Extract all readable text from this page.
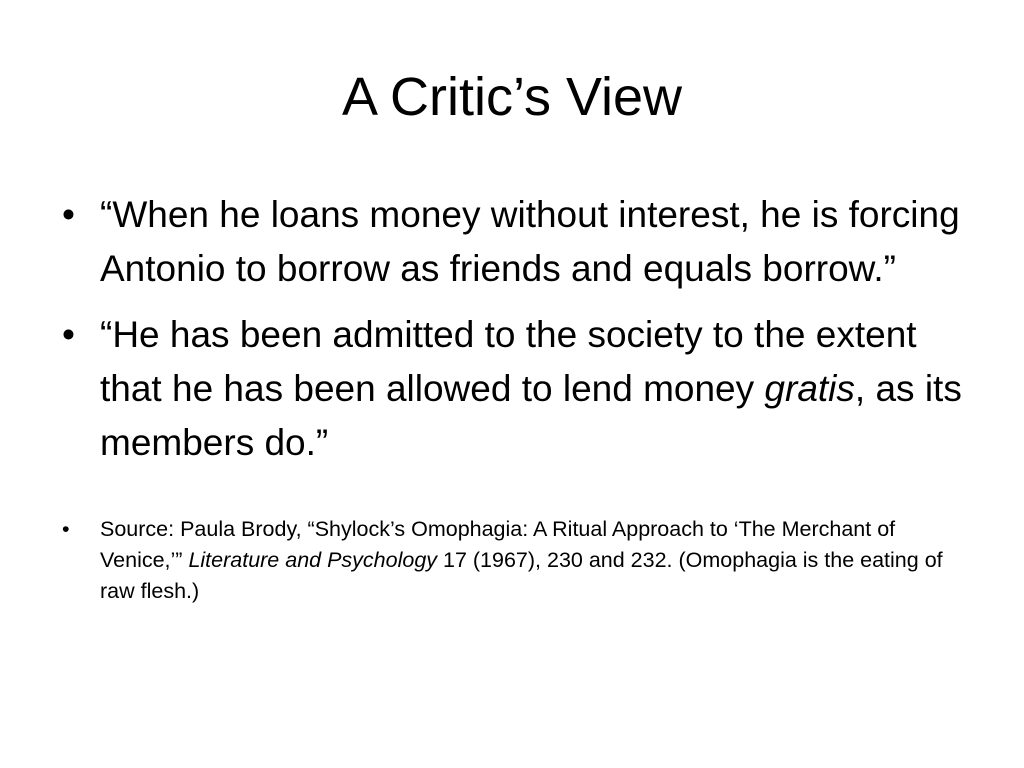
A Critic’s View
• “When he loans money without interest, he is forcing Antonio to borrow as friends and equals borrow.”
• “He has been admitted to the society to the extent that he has been allowed to lend money gratis, as its members do.”
• Source: Paula Brody, “Shylock’s Omophagia: A Ritual Approach to ‘The Merchant of Venice,’” Literature and Psychology 17 (1967), 230 and 232. (Omophagia is the eating of raw flesh.)
